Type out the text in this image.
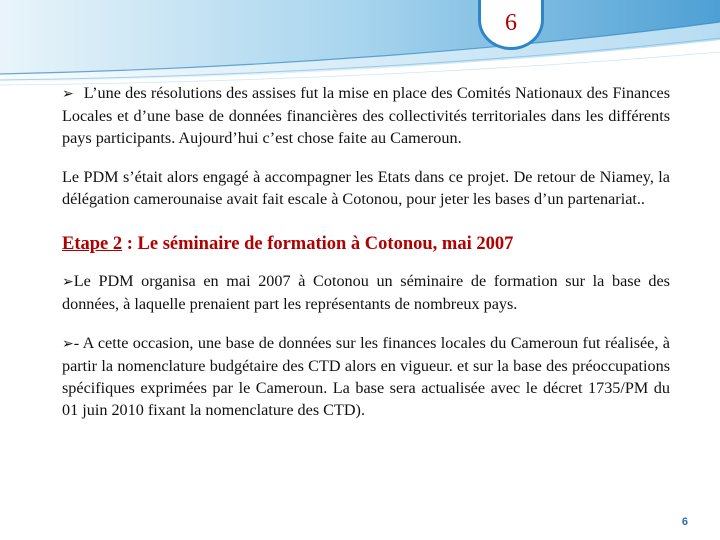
6

➢ L’une des résolutions des assises fut la mise en place des Comités Nationaux des Finances Locales et d’une base de données financières des collectivités territoriales dans les différents pays participants. Aujourd’hui c’est chose faite au Cameroun.

Le PDM s’était alors engagé à accompagner les Etats dans ce projet. De retour de Niamey, la délégation camerounaise avait fait escale à Cotonou, pour jeter les bases d’un partenariat..

Etape 2 : Le séminaire de formation à Cotonou, mai 2007

➢Le PDM organisa en mai 2007 à Cotonou un séminaire de formation sur la base des données, à laquelle prenaient part les représentants de nombreux pays.

➢- A cette occasion, une base de données sur les finances locales du Cameroun fut réalisée, à partir la nomenclature budgétaire des CTD alors en vigueur. et sur la base des préoccupations spécifiques exprimées par le Cameroun. La base sera actualisée avec le décret 1735/PM du 01 juin 2010 fixant la nomenclature des CTD).

6
